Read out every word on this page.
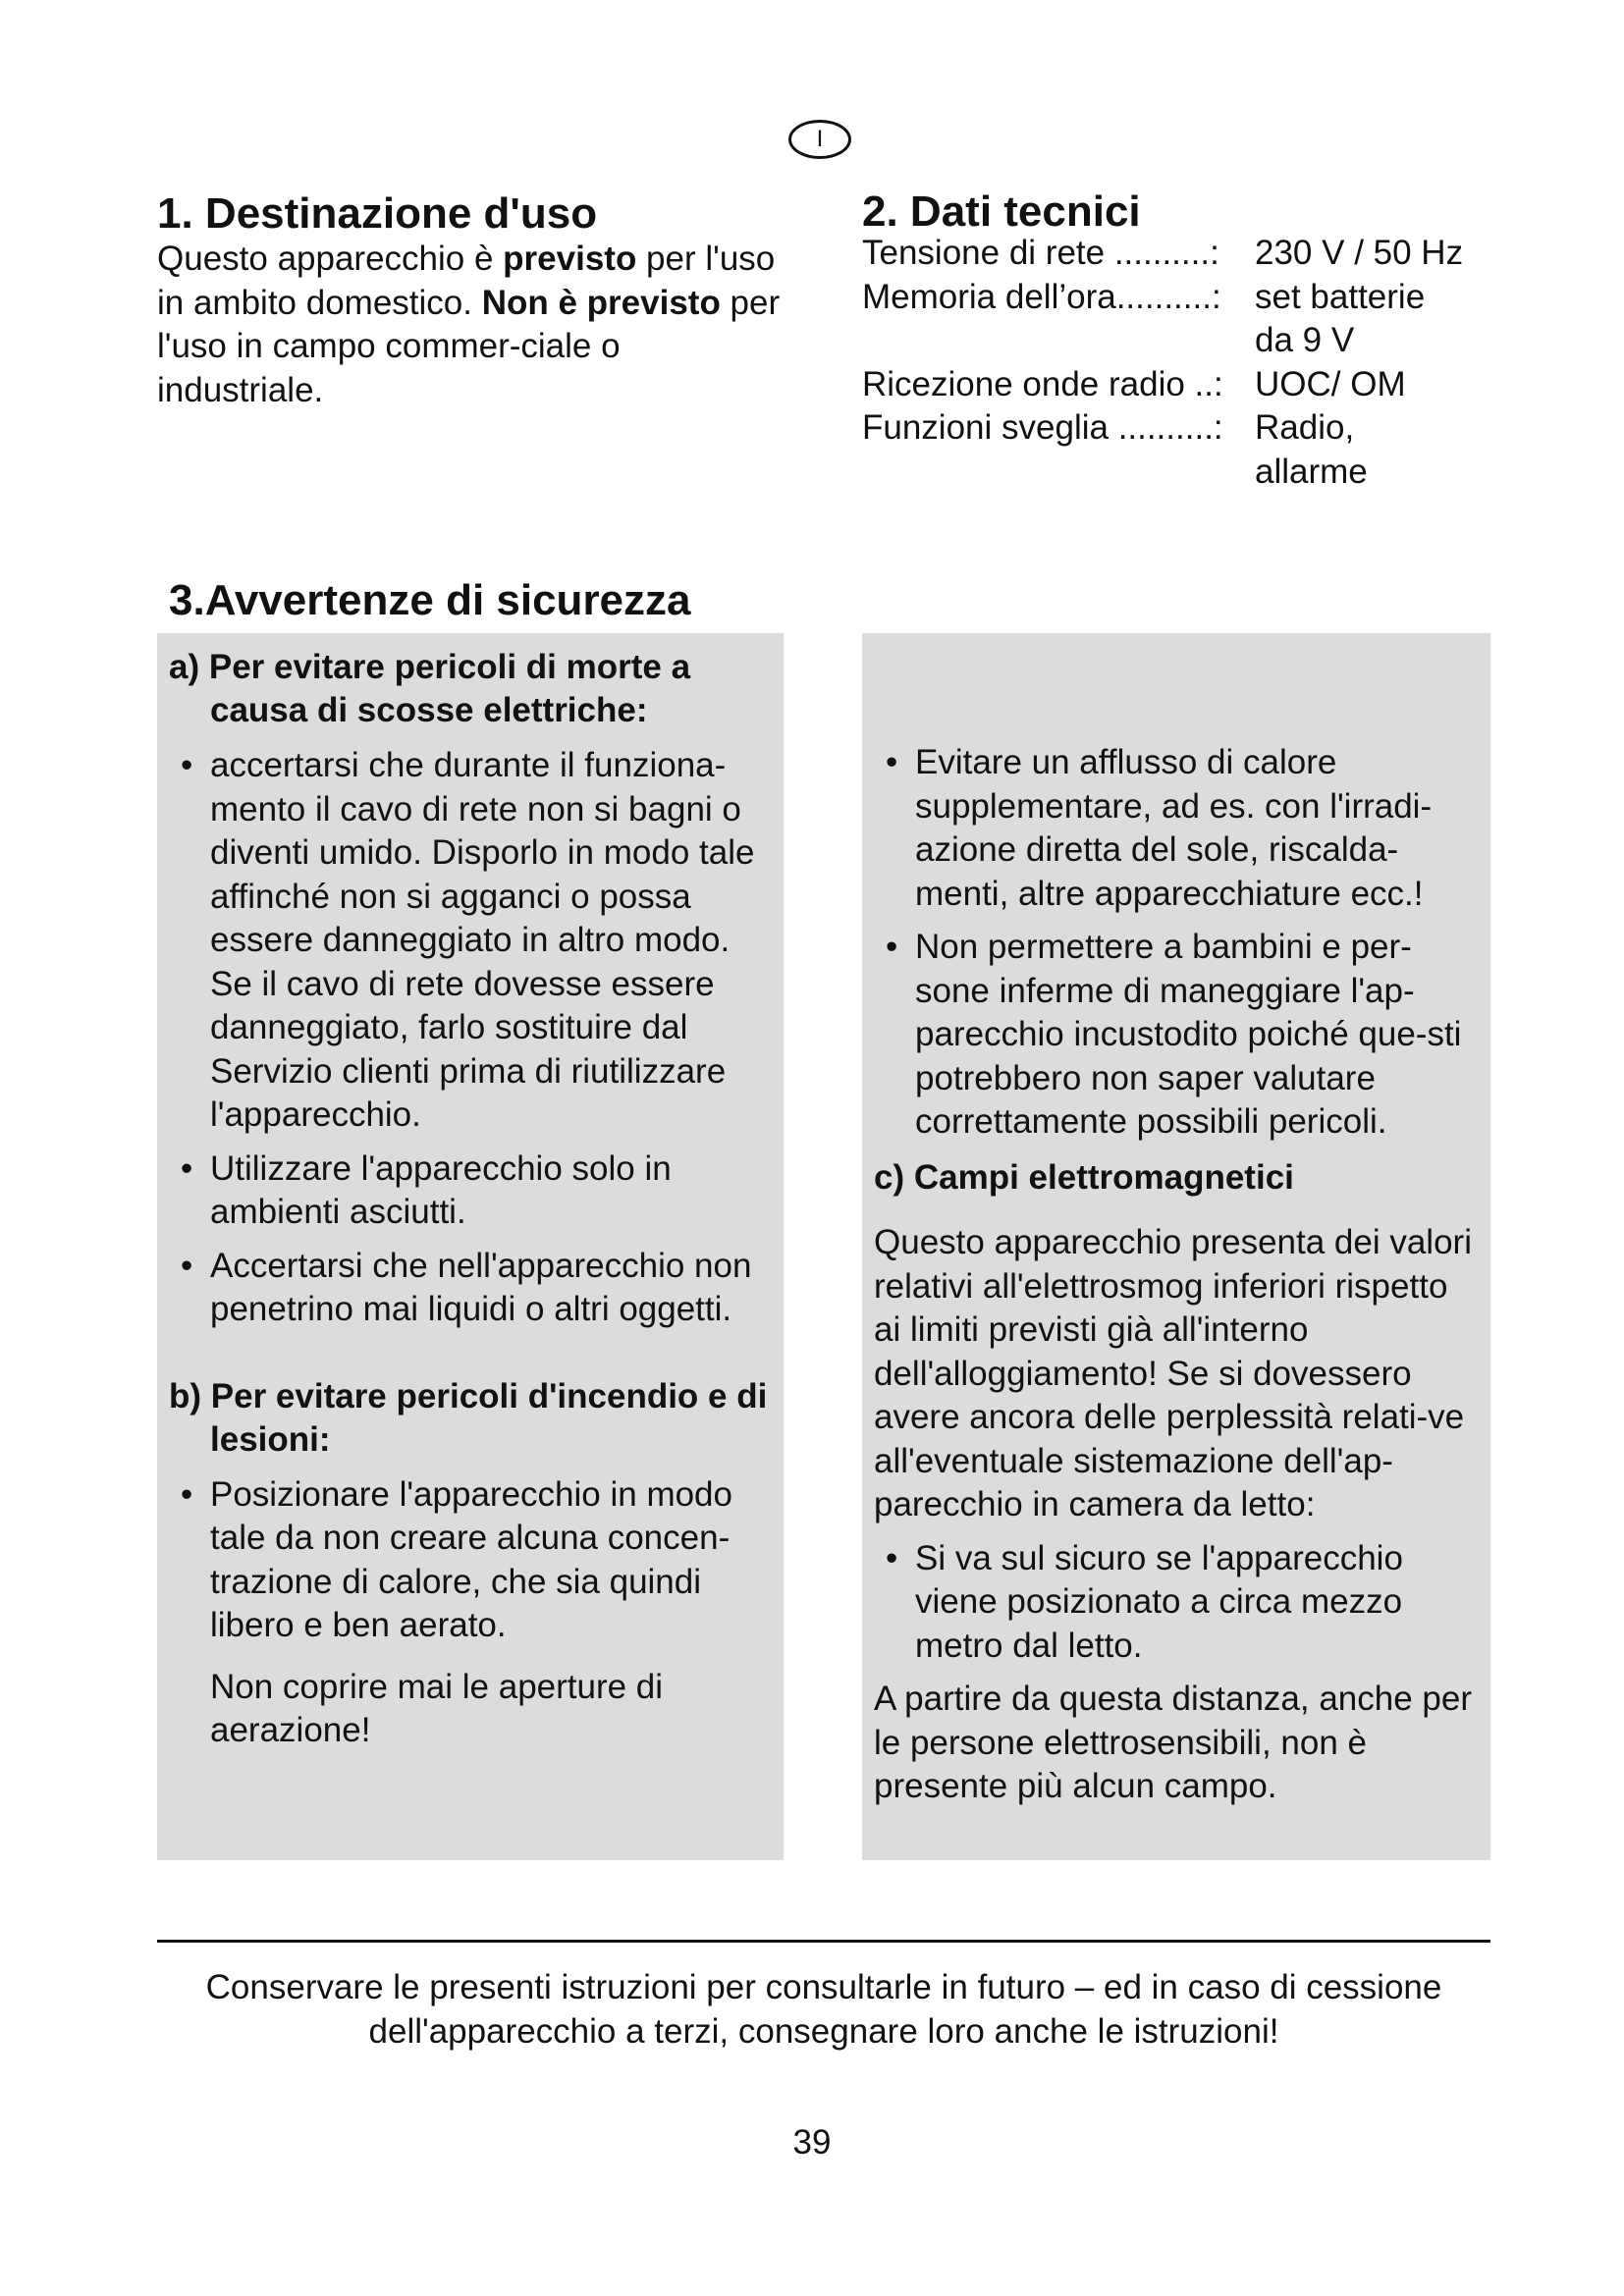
I
1. Destinazione d'uso

Questo apparecchio è previsto per l'uso in ambito domestico. Non è previsto per l'uso in campo commer-ciale o industriale.

2. Dati tecnici
Tensione di rete ..........: 230 V / 50 Hz
Memoria dell’ora..........: set batterie
da 9 V
Ricezione onde radio ..: UOC/ OM
Funzioni sveglia ..........: Radio,
allarme
3.Avvertenze di sicurezza

a) Per evitare pericoli di morte a causa di scosse elettriche:

• accertarsi che durante il funziona-mento il cavo di rete non si bagni o diventi umido. Disporlo in modo tale affinché non si agganci o possa essere danneggiato in altro modo.

Se il cavo di rete dovesse essere danneggiato, farlo sostituire dal Servizio clienti prima di riutilizzare l'apparecchio.

• Utilizzare l'apparecchio solo in ambienti asciutti.

• Accertarsi che nell'apparecchio non penetrino mai liquidi o altri oggetti.

b) Per evitare pericoli d'incendio e di lesioni:

• Posizionare l'apparecchio in modo tale da non creare alcuna concen-trazione di calore, che sia quindi libero e ben aerato.

Non coprire mai le aperture di aerazione!

• Evitare un afflusso di calore supplementare, ad es. con l'irradi-azione diretta del sole, riscalda-menti, altre apparecchiature ecc.!

• Non permettere a bambini e per-sone inferme di maneggiare l'ap-parecchio incustodito poiché que-sti potrebbero non saper valutare correttamente possibili pericoli.

c) Campi elettromagnetici

Questo apparecchio presenta dei valori relativi all'elettrosmog inferiori rispetto ai limiti previsti già all'interno dell'alloggiamento! Se si dovessero avere ancora delle perplessità relati-ve all'eventuale sistemazione dell'ap-parecchio in camera da letto:

• Si va sul sicuro se l'apparecchio viene posizionato a circa mezzo metro dal letto.

A partire da questa distanza, anche per le persone elettrosensibili, non è presente più alcun campo.

Conservare le presenti istruzioni per consultarle in futuro – ed in caso di cessione dell'apparecchio a terzi, consegnare loro anche le istruzioni!
39
